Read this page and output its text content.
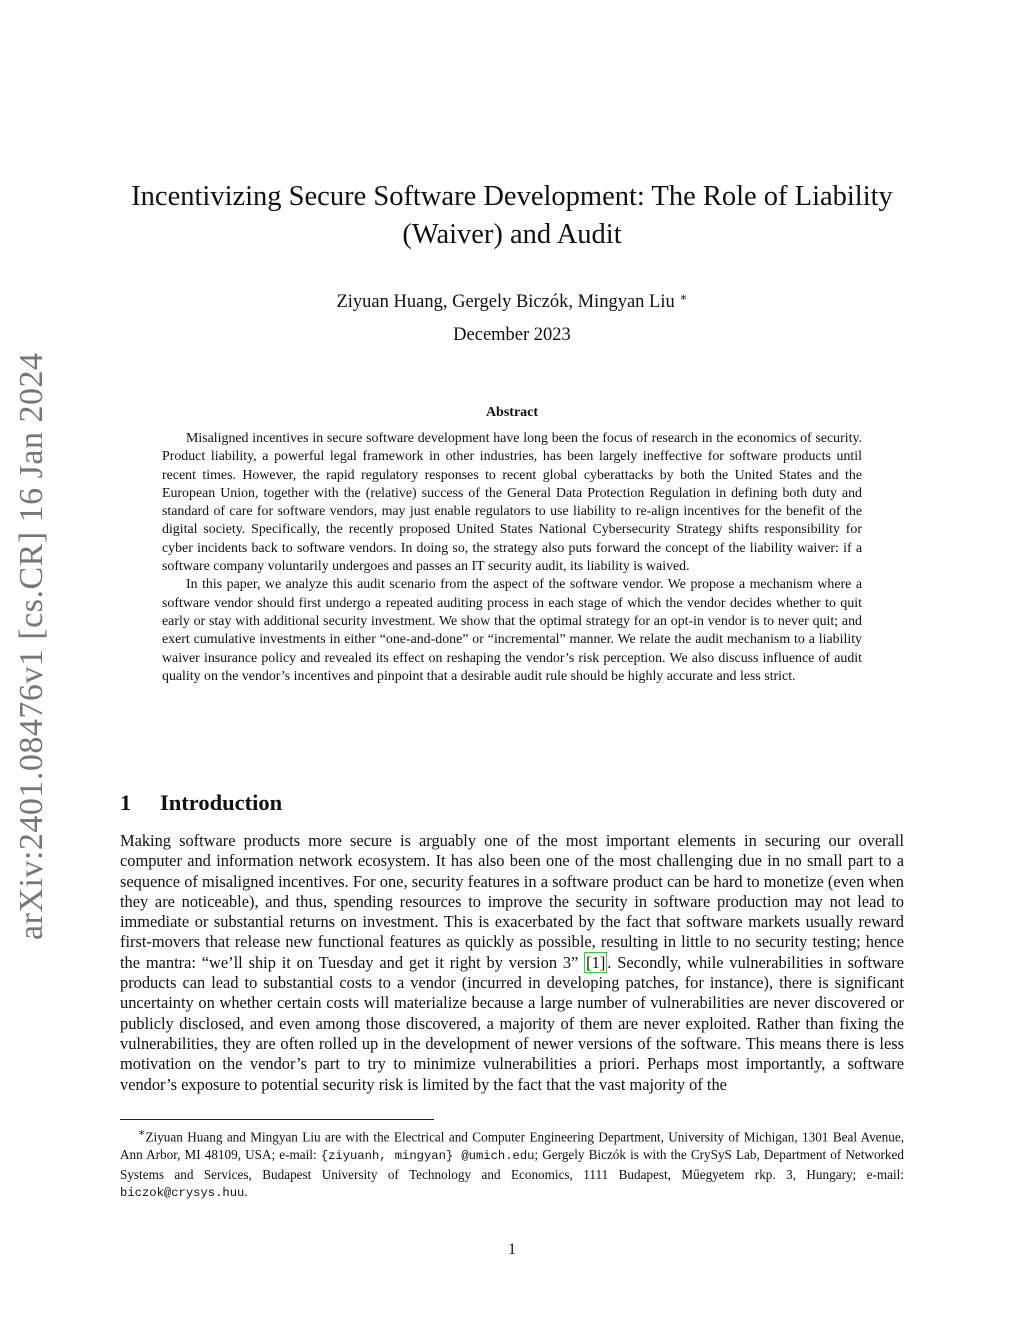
arXiv:2401.08476v1 [cs.CR] 16 Jan 2024
Incentivizing Secure Software Development: The Role of Liability (Waiver) and Audit
Ziyuan Huang, Gergely Biczók, Mingyan Liu ∗
December 2023
Abstract

Misaligned incentives in secure software development have long been the focus of research in the economics of security. Product liability, a powerful legal framework in other industries, has been largely ineffective for software products until recent times. However, the rapid regulatory responses to recent global cyberattacks by both the United States and the European Union, together with the (relative) success of the General Data Protection Regulation in defining both duty and standard of care for software vendors, may just enable regulators to use liability to re-align incentives for the benefit of the digital society. Specifically, the recently proposed United States National Cybersecurity Strategy shifts responsibility for cyber incidents back to software vendors. In doing so, the strategy also puts forward the concept of the liability waiver: if a software company voluntarily undergoes and passes an IT security audit, its liability is waived.

In this paper, we analyze this audit scenario from the aspect of the software vendor. We propose a mechanism where a software vendor should first undergo a repeated auditing process in each stage of which the vendor decides whether to quit early or stay with additional security investment. We show that the optimal strategy for an opt-in vendor is to never quit; and exert cumulative investments in either “one-and-done” or “incremental” manner. We relate the audit mechanism to a liability waiver insurance policy and revealed its effect on reshaping the vendor’s risk perception. We also discuss influence of audit quality on the vendor’s incentives and pinpoint that a desirable audit rule should be highly accurate and less strict.

1 Introduction

Making software products more secure is arguably one of the most important elements in securing our overall computer and information network ecosystem. It has also been one of the most challenging due in no small part to a sequence of misaligned incentives. For one, security features in a software product can be hard to monetize (even when they are noticeable), and thus, spending resources to improve the security in software production may not lead to immediate or substantial returns on investment. This is exacerbated by the fact that software markets usually reward first-movers that release new functional features as quickly as possible, resulting in little to no security testing; hence the mantra: “we’ll ship it on Tuesday and get it right by version 3” [1] . Secondly, while vulnerabilities in software products can lead to substantial costs to a vendor (incurred in developing patches, for instance), there is significant uncertainty on whether certain costs will materialize because a large number of vulnerabilities are never discovered or publicly disclosed, and even among those discovered, a majority of them are never exploited. Rather than fixing the vulnerabilities, they are often rolled up in the development of newer versions of the software. This means there is less motivation on the vendor’s part to try to minimize vulnerabilities a priori. Perhaps most importantly, a software vendor’s exposure to potential security risk is limited by the fact that the vast majority of the

∗Ziyuan Huang and Mingyan Liu are with the Electrical and Computer Engineering Department, University of Michigan, 1301 Beal Avenue, Ann Arbor, MI 48109, USA; e-mail: {ziyuanh, mingyan} @umich.edu; Gergely Biczók is with the CrySyS Lab, Department of Networked Systems and Services, Budapest University of Technology and Economics, 1111 Budapest, Műegyetem rkp. 3, Hungary; e-mail: biczok@crysys.huu.

1
